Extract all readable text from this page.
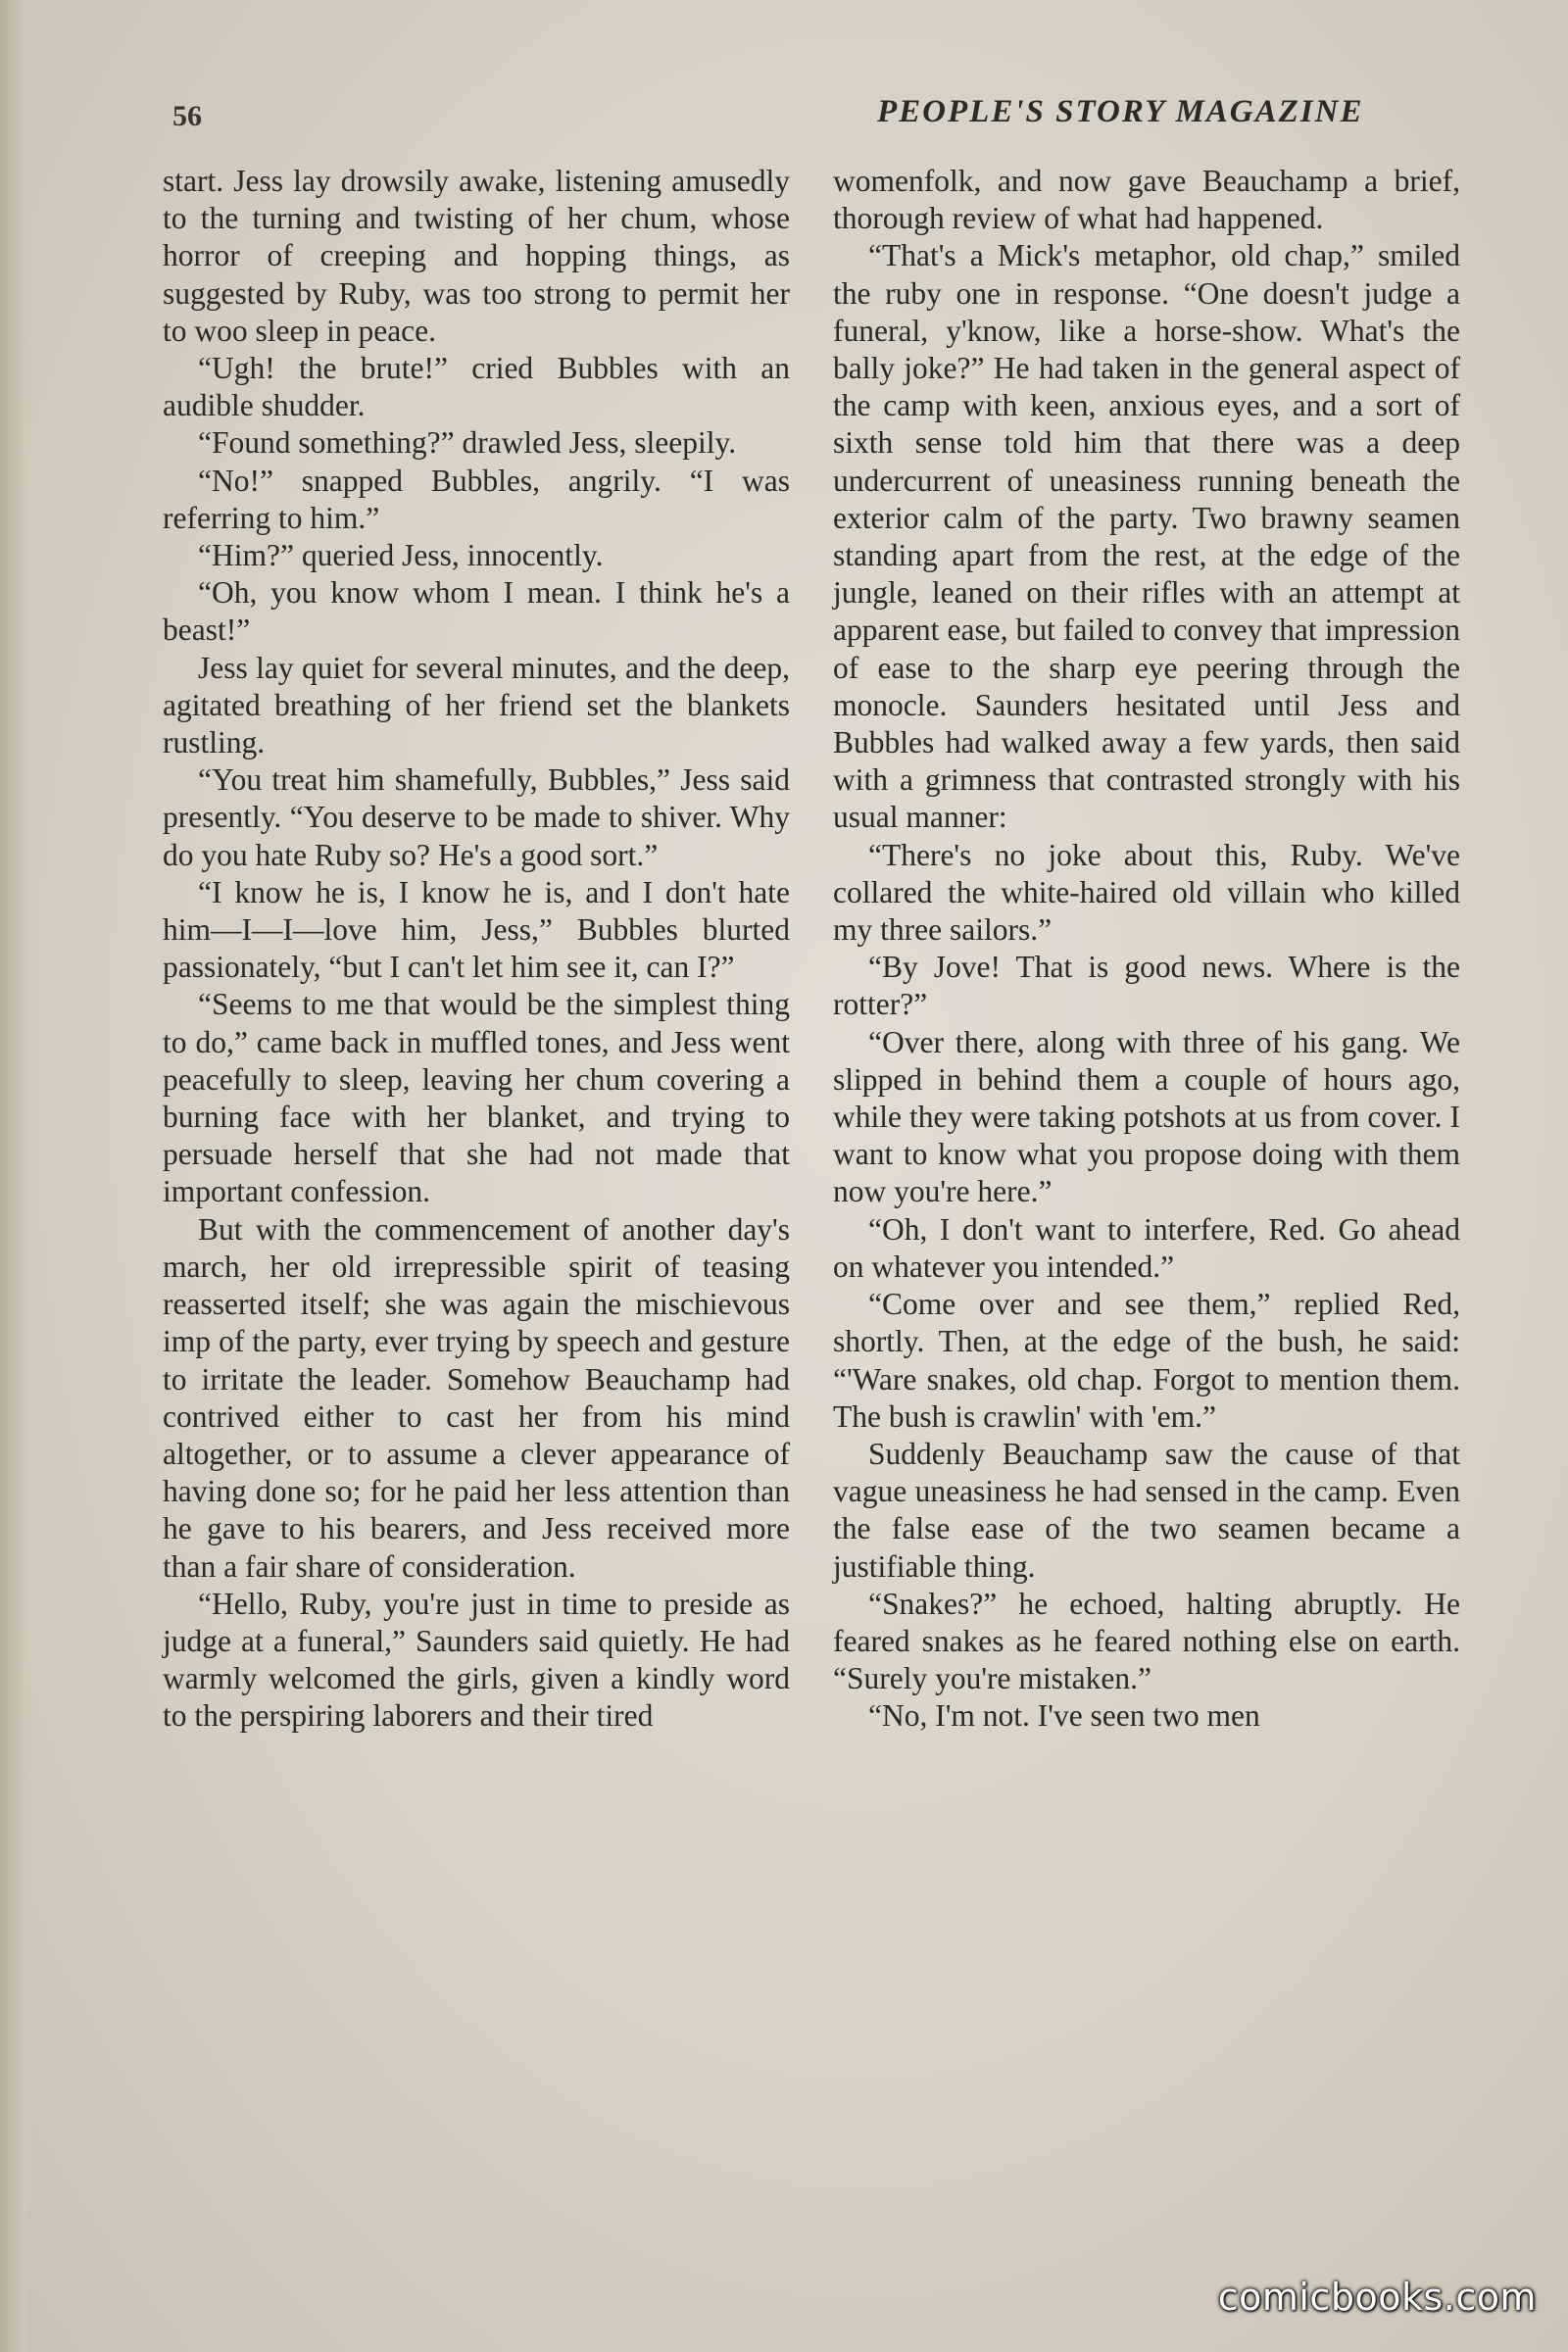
56	PEOPLE'S STORY MAGAZINE

start. Jess lay drowsily awake, listening amusedly to the turning and twisting of her chum, whose horror of creeping and hopping things, as suggested by Ruby, was too strong to permit her to woo sleep in peace.

“Ugh! the brute!” cried Bubbles with an audible shudder.

“Found something?” drawled Jess, sleepily.

“No!” snapped Bubbles, angrily. “I was referring to him.”

“Him?” queried Jess, innocently.

“Oh, you know whom I mean. I think he's a beast!”

Jess lay quiet for several minutes, and the deep, agitated breathing of her friend set the blankets rustling.

“You treat him shamefully, Bubbles,” Jess said presently. “You deserve to be made to shiver. Why do you hate Ruby so? He's a good sort.”

“I know he is, I know he is, and I don't hate him—I—I—love him, Jess,” Bubbles blurted passionately, “but I can't let him see it, can I?”

“Seems to me that would be the simplest thing to do,” came back in muffled tones, and Jess went peacefully to sleep, leaving her chum covering a burning face with her blanket, and trying to persuade herself that she had not made that important confession.

But with the commencement of another day's march, her old irrepressible spirit of teasing reasserted itself; she was again the mischievous imp of the party, ever trying by speech and gesture to irritate the leader. Somehow Beauchamp had contrived either to cast her from his mind altogether, or to assume a clever appearance of having done so; for he paid her less attention than he gave to his bearers, and Jess received more than a fair share of consideration.

“Hello, Ruby, you're just in time to preside as judge at a funeral,” Saunders said quietly. He had warmly welcomed the girls, given a kindly word to the perspiring laborers and their tired

womenfolk, and now gave Beauchamp a brief, thorough review of what had happened.

“That's a Mick's metaphor, old chap,” smiled the ruby one in response. “One doesn't judge a funeral, y'know, like a horse-show. What's the bally joke?” He had taken in the general aspect of the camp with keen, anxious eyes, and a sort of sixth sense told him that there was a deep undercurrent of uneasiness running beneath the exterior calm of the party. Two brawny seamen standing apart from the rest, at the edge of the jungle, leaned on their rifles with an attempt at apparent ease, but failed to convey that impression of ease to the sharp eye peering through the monocle. Saunders hesitated until Jess and Bubbles had walked away a few yards, then said with a grimness that contrasted strongly with his usual manner:

“There's no joke about this, Ruby. We've collared the white-haired old villain who killed my three sailors.”

“By Jove! That is good news. Where is the rotter?”

“Over there, along with three of his gang. We slipped in behind them a couple of hours ago, while they were taking potshots at us from cover. I want to know what you propose doing with them now you're here.”

“Oh, I don't want to interfere, Red. Go ahead on whatever you intended.”

“Come over and see them,” replied Red, shortly. Then, at the edge of the bush, he said: “'Ware snakes, old chap. Forgot to mention them. The bush is crawlin' with 'em.”

Suddenly Beauchamp saw the cause of that vague uneasiness he had sensed in the camp. Even the false ease of the two seamen became a justifiable thing.

“Snakes?” he echoed, halting abruptly. He feared snakes as he feared nothing else on earth. “Surely you're mistaken.”

“No, I'm not. I've seen two men

comicbooks.com
